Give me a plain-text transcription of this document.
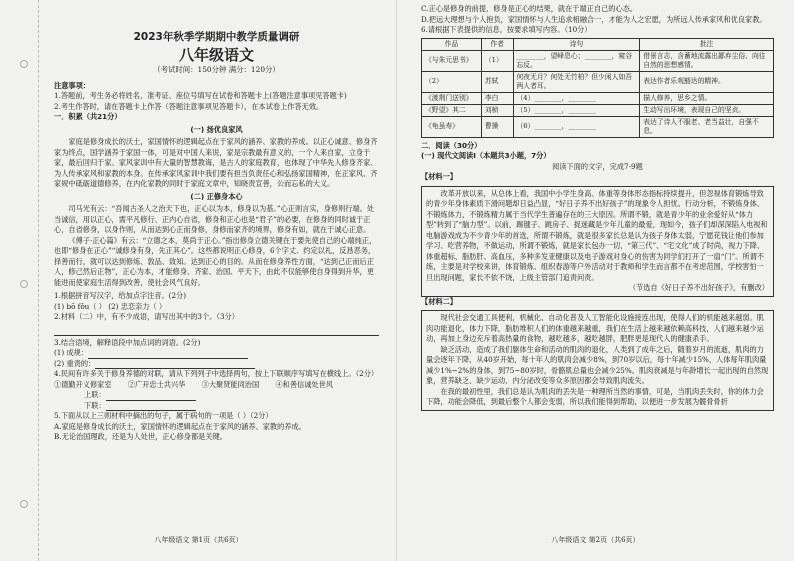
2023年秋季学期期中教学质量调研
八年级语文
（考试时间：150分钟 满分：120分）

注意事项：

1.答题前，考生务必将姓名、准考证、座位号填写在试卷和答题卡上(答题注意事项见答题卡)

2.考生作答时，请在答题卡上作答（答题注意事项见答题卡），在本试卷上作答无效。

一．积累（共21分）

(一) 扬优良家风

家庭是修身成长的沃土，家国情怀的逻辑起点在于家风的涵养、家教的养成。以正心诚意、修身齐家为终点，国学涵养于家国一体，可是对中国人来说，家是宗教最有意义的，一个人来自家，立身于家，最后回归于家。家风家训中有大量的智慧教诲，是古人的家庭教育，也体现了中华先人修身齐家、为人传承家风和家教的本身。在传承家风家训中我们要有担当负责任心和弘扬家国精神，在正家风、齐家规中砥砺道德修养，在内化家教的同时于家庭文章中，知晓责宣善，公而忘私的大义。

(二) 正修身本心

司马光有云：“吾闻古圣人之治天下也，正心以为本，修身以为基。”心正则言实，身修则行端。处当诚信，用以正心，需平凡修行、正内心自省，修身和正心也是“君子”的必要，在修身的同时诚于正心，自省修身，以身作则，从而达到心正而身修，身修而家齐的境界，修身有如，就在于诚心正意。

《傅子·正心篇》有云：“立德之本，莫尚于正心。”指出修身立德关键在于要先使自己的心端纯正，也即“修身在正心”“诚修身有身，先正其心”。这些都说明正心修身，6个字丈、约定以礼，反恳恶务，择善而行，就可以达到修炼、敦品、致知。达到正心的目的。从而在修身养性方面，“达到己正而后正人，修己然后正物”，正心为本，才能修身、齐家、治国、平天下，由此不仅能够使自身得到升华，更能进而使家庭生活得到改善，使社会风气良好。

1.根据拼音写汉字，给加点字注音。(2分)

(1) bō fǒu（ ） (2) 忠恋亲力（ ）

2.材料（二）中，有不少成语，请写出其中的3个。（3分）

3.结合语境，解释语段中加点词的词语。(2分)

(1) 成规：

(2) 重责的：

4.民间有许多关于修身养德的对联，请从下列列子中选择两句，按上下联顺序写填写在横线上。（2分）

①德勤开义修家室 ②广开忠士共兴华 ③大聚贤能同治国 ④和善信诚处世风

上联：

下联：

5.下面从以上三则材料中摘出的句子，属于病句的一项是（ ）（2分）

A.家庭是修身成长的沃土，家国情怀的逻辑起点在于家风的涵养、家教的养成。

B.无论治国理政，还是为人处世，正心修身都是关键。

八年级语文 第1页（共6页）

C.正心是修身的前提，修身是正心的结果，就在于端正自己的心态。

D.把远大理想与个人抱负，家国情怀与人生追求相融合一，才能为人之宏愿，为所远人传承家风和优良家教。

6.请根据下表提供的信息，按要求填写内容。（10分）

作品	作者	诗句	批注
《与朱元思书》	（1）	________，望峰息心；________，窥谷忘反。	借景言志，含蓄地流露出鄙弃尘俗、向往自然的思想感情。
（2）	苏轼	何夜无月？何处无竹柏？但少闲人如吾两人者耳。	表达作者乐观豁达的精神。
《渡荆门送别》	李白	（4）________，________	描人修养，思乡之情。
《野望》其二	刘桢	（5）________，________	生动写出环境，表现自己的坚贞。
《龟虽寿》	曹操	（6）________，________	表达了诗人不服老、老当益壮，自强不息。

二．阅读（30分）

(一) 现代文阅读Ⅰ（本题共3小题，7分）

阅读下面的文字，完成7-9题

【材料一】

改革开放以来，从总体上看，我国中小学生身高、体重等身体形态指标持续提升，但忽视体育锻炼导致的青少年身体素质下滑问题却日益凸显，“好日子养不出好孩子”的现象令人担忧。行动分析，不锻炼身体、不锻炼体力，不锻炼精力属于当代学生普遍存在的三大原因。所谓不锻，就是青少年的业余爱好从“体力型”转到了“脑力型”。以前，踢毽子、跳房子、捉迷藏是少年儿童的最爱，现如今，孩子们却深深陷入电视和电脑游戏成为不少青少年的首选，所谓不锻炼，就是很多家长总是认为孩子身体太弱，宁愿花钱让他们参加学习、吃营养物，不做运动，所谓不锻炼，就是家长包办一切，“第三代”、“宅文化”成了时尚，视力下降、体重超标、脂肪肝、高血压，多种多发亚健康以及电子游戏对身心的伤害为同学们打开了一扇“门”。所谓不练，主要是对学校来讲，体育锻炼、组织春游等户外活动对于教师和学生而言都不在考虑范围，学校害怕一旦出现问题，家长不依不饶，上级主管部门追责问责。

（节选自《好日子养不出好孩子》，有删改）

【材料二】

现代社会交通工具便利，机械化、自动化普及人工智能化设施接连出现，使得人们的机能越来越弱。肌肉功能退化，体力下降，脂肪堆积人们的体重越来越重，我们在生活上越来越依赖高科技，人们越来越少运动，再加上身边充斥着高热量的食物，越吃越多，越吃越胖，肥胖更是现代人的健康杀手。

缺乏活动，造成了我们躯体生命和活动的肌肉的退化，人类到了成年之后，随着岁月的流逝，肌肉的力量会逐年下降，从40岁开始，每十年人的肌肉会减少8%，到70岁以后，每十年减少15%，人体每年肌肉量减少1%~2%的身体，到75~80岁时，骨骼肌总量也会减少25%。肌肉衰减是与年龄增长一起出现的自然现象，营养缺乏、缺少运动、内分泌改变等众多原因都会导致肌肉流失。

在我的最初性里，我们总是认为肌肉的丢失是一种理所当然的事情，可是，当肌肉丢失时，你的体力会下降，功能会降低，到最后整个人都会变弱，所以我们能得到帮助，以便进一步发展为髋骨骨折

八年级语文 第2页（共6页）
